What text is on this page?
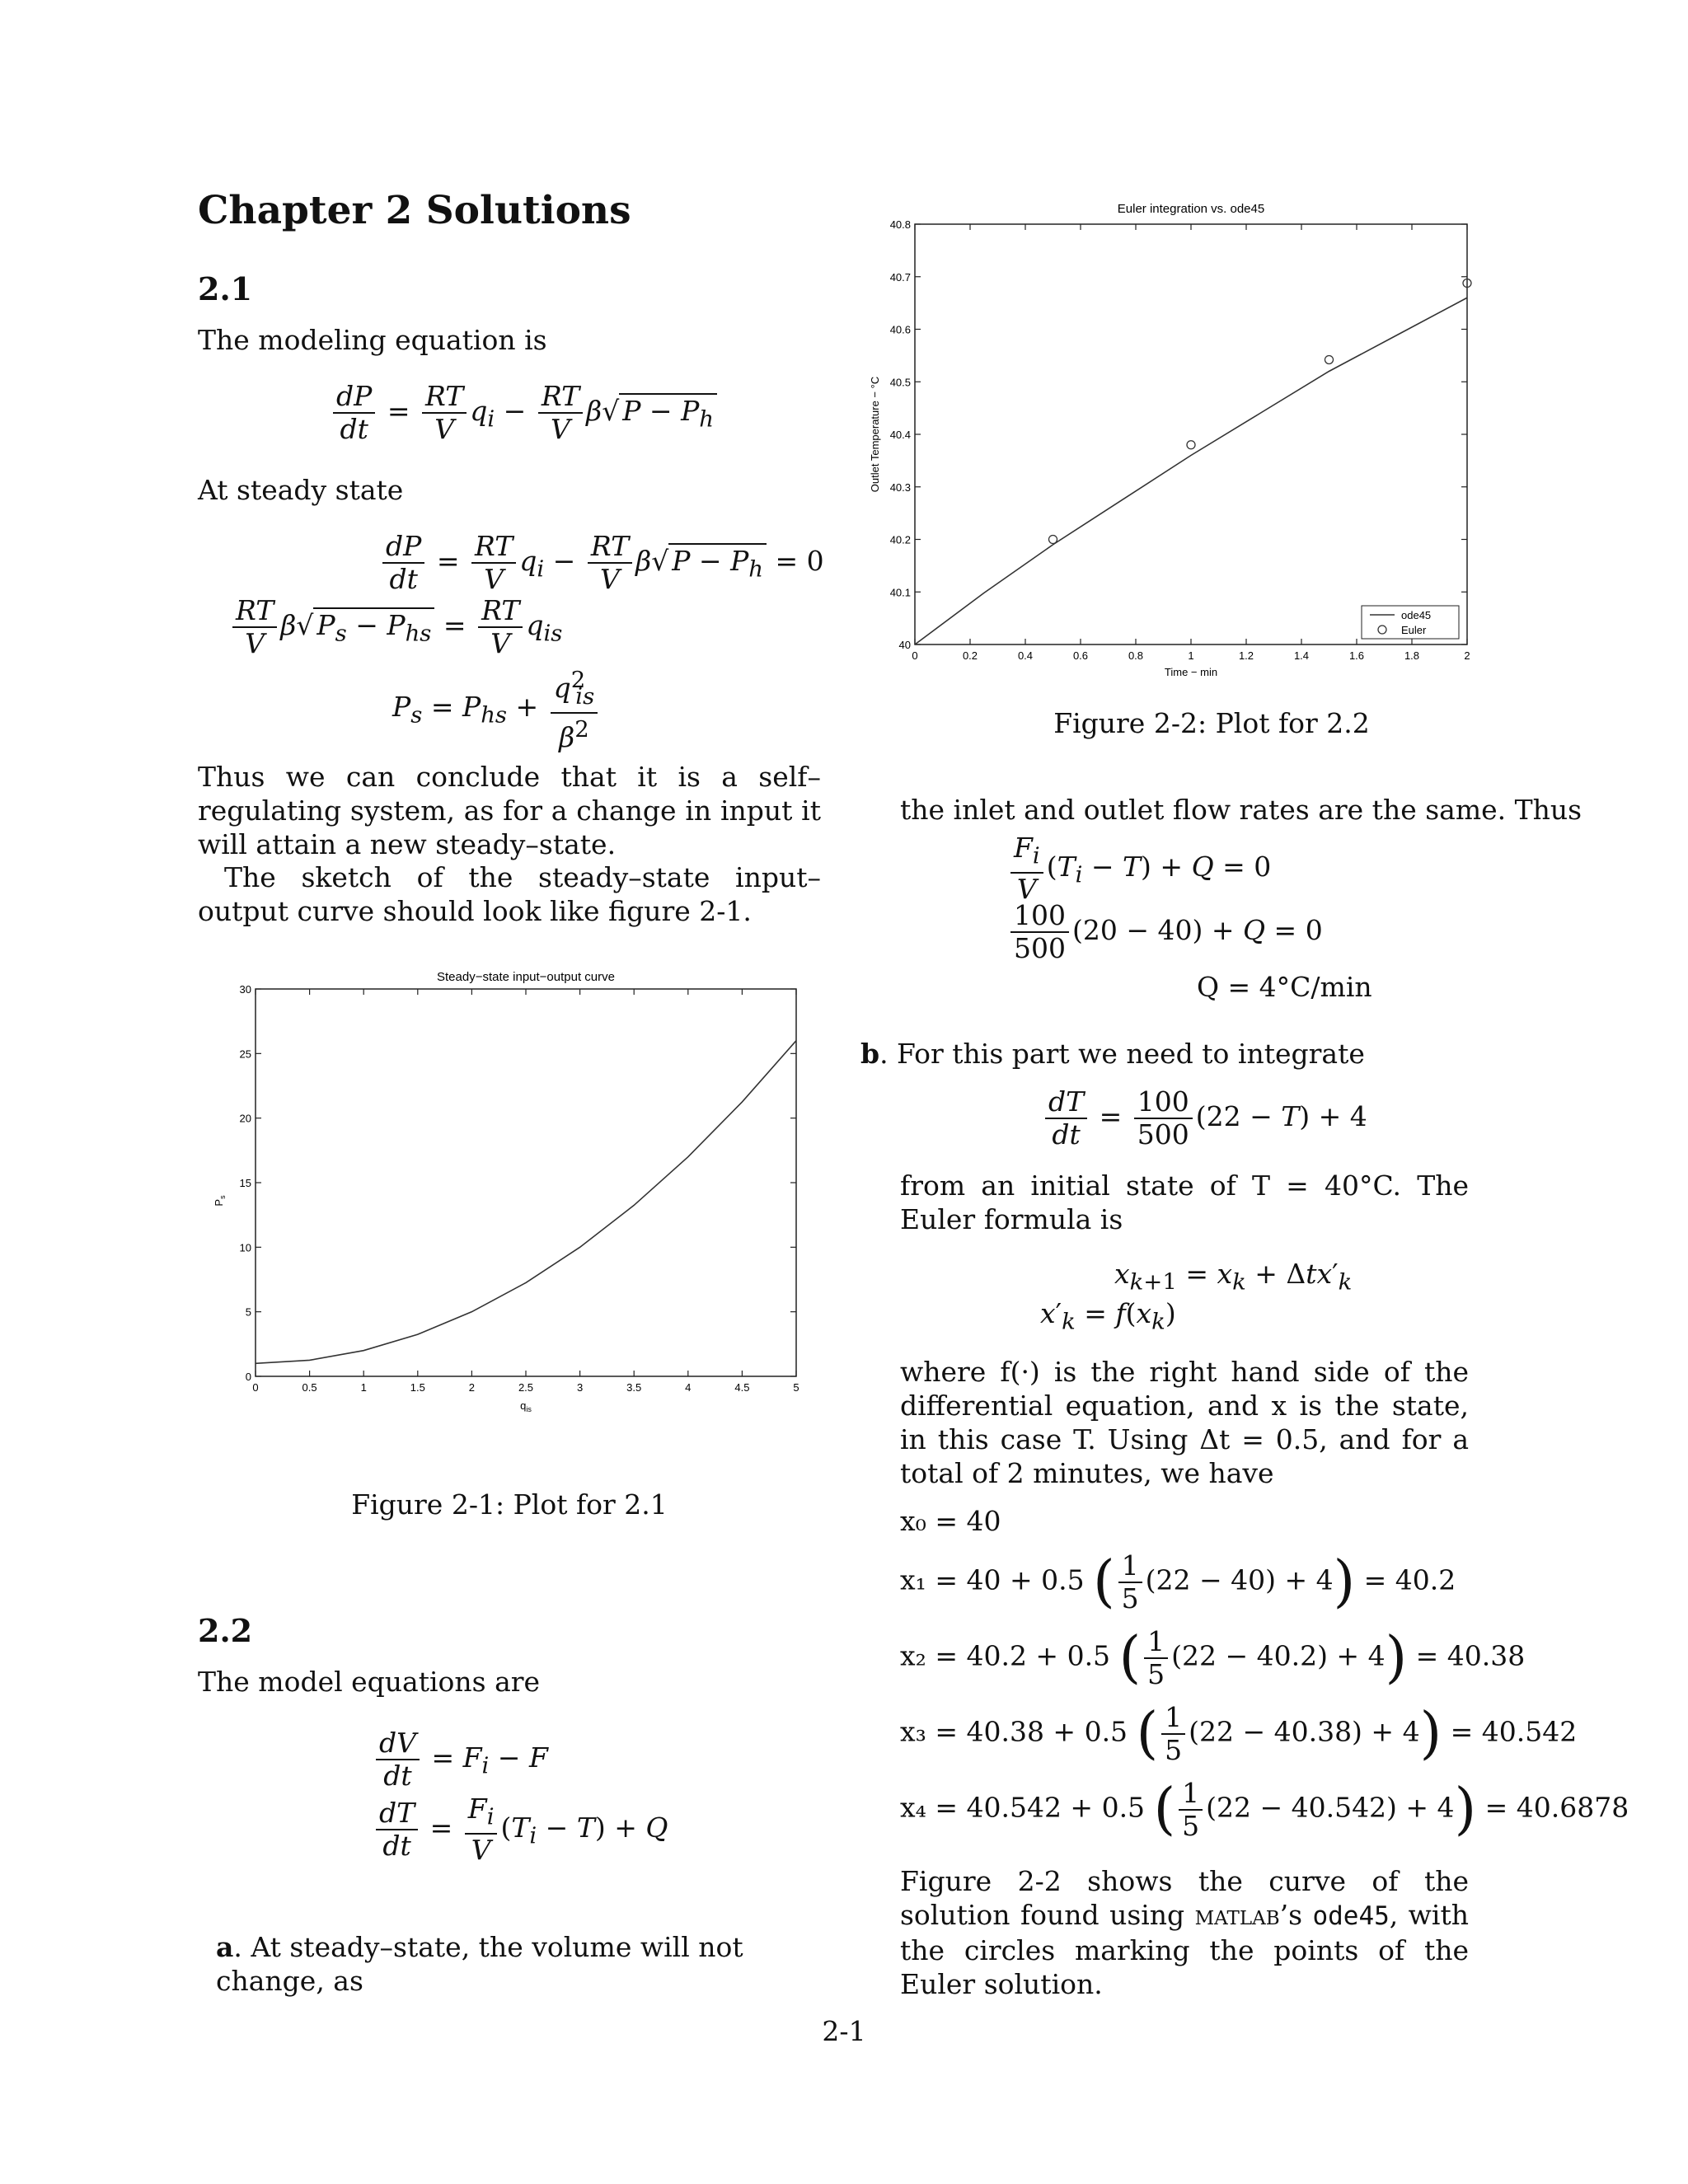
Chapter 2 Solutions
2.1
The modeling equation is
$\frac{dP}{dt} = \frac{RT}{V} q_i - \frac{RT}{V} \beta√$ $P - P_h$
At steady state
$\frac{dP}{dt} = \frac{RT}{V} q_i - \frac{RT}{V} \beta√$ $P - P_h = 0$
$\frac{RT}{V} \beta√$ $P_s - P_{hs} = \frac{RT}{V} q_{is}$
$P_s = P_{hs} + \frac{q^2_{is}}{\beta^2}$
Thus we can conclude that it is a self–regulating system, as for a change in input it will attain a new steady–state.
The sketch of the steady–state input–output curve should look like figure 2-1.
Steady−state input−output curve
0	0.5	1	1.5	2	2.5	3	3.5	4	4.5	5
0
5
10
15
20
25
30
$q_{is}$
$P_s$
Figure 2-1: Plot for 2.1
2.2
The model equations are
$\frac{dV}{dt} = F_i - F$
$\frac{dT}{dt} = \frac{F_i}{V} (T_i - T) + Q$
a. At steady–state, the volume will not change, as
Euler integration vs. ode45
0	0.2	0.4	0.6	0.8	1	1.2	1.4	1.6	1.8	2
40
40.1
40.2
40.3
40.4
40.5
40.6
40.7
40.8
Time − min
Outlet Temperature − °C
ode45
Euler
Figure 2-2: Plot for 2.2
the inlet and outlet flow rates are the same. Thus
$\frac{F_i}{V} (T_i - T) + Q = 0$
$\frac{100}{500} (20 - 40) + Q = 0$
Q = 4°C/min
b. For this part we need to integrate
$\frac{dT}{dt} = \frac{100}{500} (22 - T) + 4$
from an initial state of T = 40°C. The Euler formula is
$x_{k+1} = x_k + \Delta tx'_k$
$x'_k = f(x_k)$
where f(·) is the right hand side of the differential equation, and x is the state, in this case T. Using Δt = 0.5, and for a total of 2 minutes, we have
x₀ = 40
x₁ = 40 + 0.5 ( $\frac{1}{5} (22 - 40) + 4) = 40.2$
x₂ = 40.2 + 0.5 ( $\frac{1}{5} (22 - 40.2) + 4) = 40.38$
x₃ = 40.38 + 0.5 ( $\frac{1}{5} (22 - 40.38) + 4) = 40.542$
x₄ = 40.542 + 0.5 ( $\frac{1}{5} (22 - 40.542) + 4) = 40.6878$
Figure 2-2 shows the curve of the solution found using matlab’s ode45, with the circles marking the points of the Euler solution.
2-1
